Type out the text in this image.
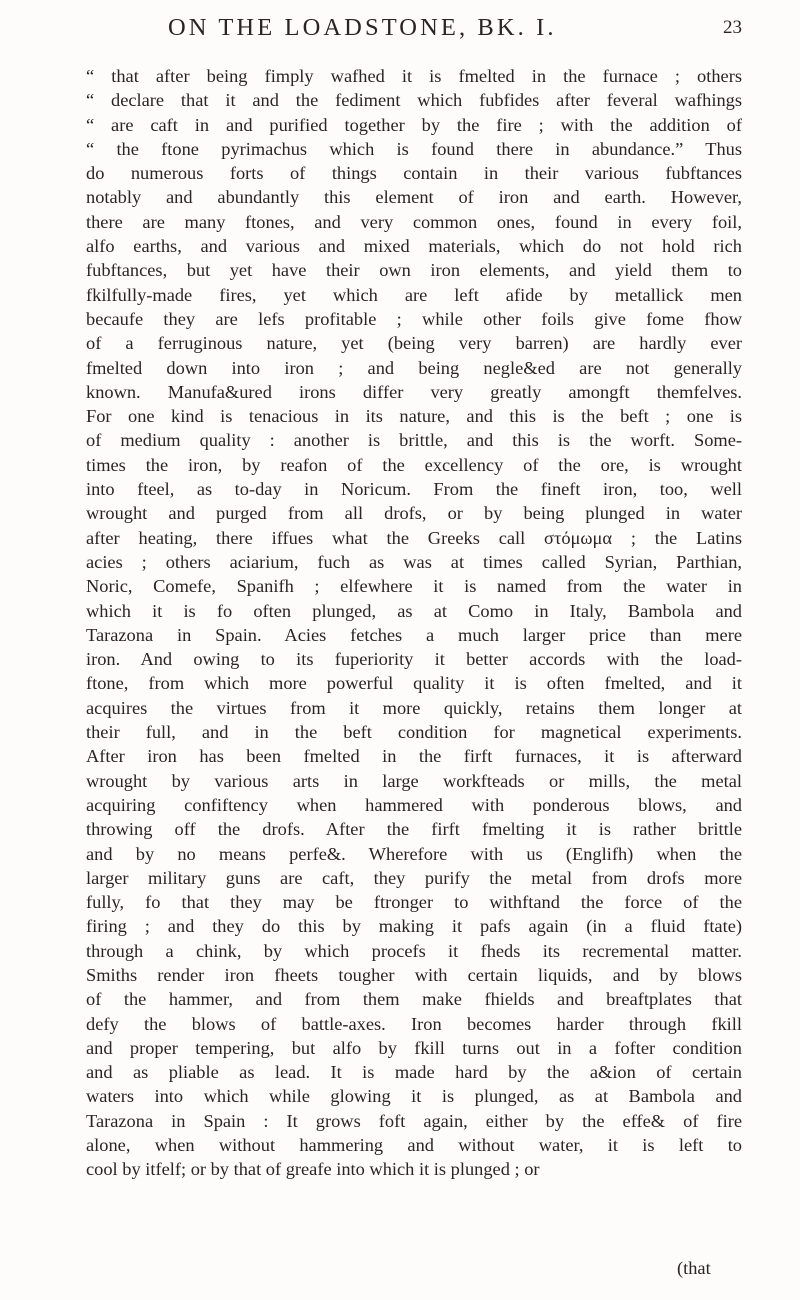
ON THE LOADSTONE, BK. I.	23
“ that after being fimply wafhed it is fmelted in the furnace ; others
“ declare that it and the fediment which fubfides after feveral wafhings
“ are caft in and purified together by the fire ; with the addition of
“ the ftone pyrimachus which is found there in abundance.” Thus
do numerous forts of things contain in their various fubftances
notably and abundantly this element of iron and earth. However,
there are many ftones, and very common ones, found in every foil,
alfo earths, and various and mixed materials, which do not hold rich
fubftances, but yet have their own iron elements, and yield them to
fkilfully-made fires, yet which are left afide by metallick men
becaufe they are lefs profitable ; while other foils give fome fhow
of a ferruginous nature, yet (being very barren) are hardly ever
fmelted down into iron ; and being negle&ed are not generally
known. Manufa&ured irons differ very greatly amongft themfelves.
For one kind is tenacious in its nature, and this is the beft ; one is
of medium quality : another is brittle, and this is the worft. Some-
times the iron, by reafon of the excellency of the ore, is wrought
into fteel, as to-day in Noricum. From the fineft iron, too, well
wrought and purged from all drofs, or by being plunged in water
after heating, there iffues what the Greeks call στόμωμα ; the Latins
acies ; others aciarium, fuch as was at times called Syrian, Parthian,
Noric, Comefe, Spanifh ; elfewhere it is named from the water in
which it is fo often plunged, as at Como in Italy, Bambola and
Tarazona in Spain. Acies fetches a much larger price than mere
iron. And owing to its fuperiority it better accords with the load-
ftone, from which more powerful quality it is often fmelted, and it
acquires the virtues from it more quickly, retains them longer at
their full, and in the beft condition for magnetical experiments.
After iron has been fmelted in the firft furnaces, it is afterward
wrought by various arts in large workfteads or mills, the metal
acquiring confiftency when hammered with ponderous blows, and
throwing off the drofs. After the firft fmelting it is rather brittle
and by no means perfe&. Wherefore with us (Englifh) when the
larger military guns are caft, they purify the metal from drofs more
fully, fo that they may be ftronger to withftand the force of the
firing ; and they do this by making it pafs again (in a fluid ftate)
through a chink, by which procefs it fheds its recremental matter.
Smiths render iron fheets tougher with certain liquids, and by blows
of the hammer, and from them make fhields and breaftplates that
defy the blows of battle-axes. Iron becomes harder through fkill
and proper tempering, but alfo by fkill turns out in a fofter condition
and as pliable as lead. It is made hard by the a&ion of certain
waters into which while glowing it is plunged, as at Bambola and
Tarazona in Spain : It grows foft again, either by the effe& of fire
alone, when without hammering and without water, it is left to
cool by itfelf; or by that of greafe into which it is plunged ; or
(that
